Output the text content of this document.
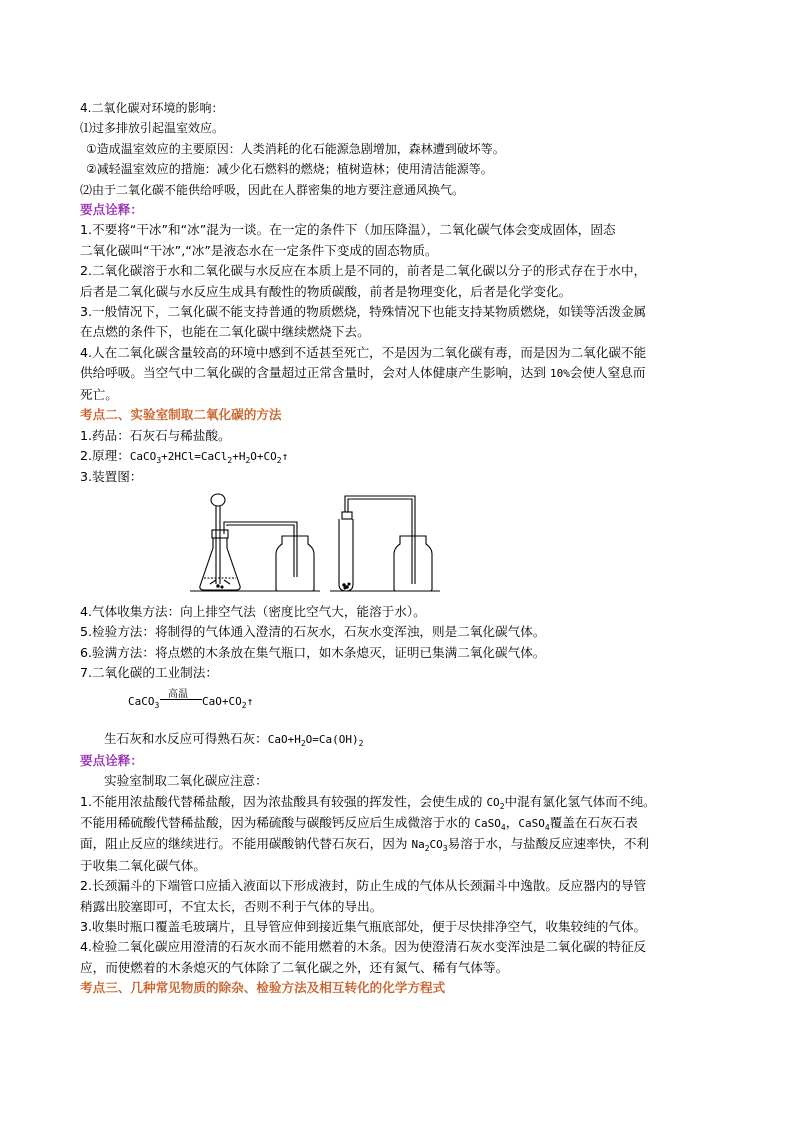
4.二氧化碳对环境的影响：

⑴过多排放引起温室效应。

①造成温室效应的主要原因：人类消耗的化石能源急剧增加，森林遭到破坏等。

②减轻温室效应的措施：减少化石燃料的燃烧；植树造林；使用清洁能源等。

⑵由于二氧化碳不能供给呼吸，因此在人群密集的地方要注意通风换气。

要点诠释：

1.不要将“干冰”和“冰”混为一谈。在一定的条件下（加压降温），二氧化碳气体会变成固体，固态

二氧化碳叫“干冰”,“冰”是液态水在一定条件下变成的固态物质。

2.二氧化碳溶于水和二氧化碳与水反应在本质上是不同的，前者是二氧化碳以分子的形式存在于水中，

后者是二氧化碳与水反应生成具有酸性的物质碳酸，前者是物理变化，后者是化学变化。

3.一般情况下，二氧化碳不能支持普通的物质燃烧，特殊情况下也能支持某物质燃烧，如镁等活泼金属

在点燃的条件下，也能在二氧化碳中继续燃烧下去。

4.人在二氧化碳含量较高的环境中感到不适甚至死亡，不是因为二氧化碳有毒，而是因为二氧化碳不能

供给呼吸。当空气中二氧化碳的含量超过正常含量时，会对人体健康产生影响，达到 10%会使人窒息而

死亡。

考点二、实验室制取二氧化碳的方法

1.药品：石灰石与稀盐酸。

2.原理：$CaCO_3+2HCl=CaCl_2+H_2O+CO_2↑$

3.装置图：

4.气体收集方法：向上排空气法（密度比空气大，能溶于水）。

5.检验方法：将制得的气体通入澄清的石灰水，石灰水变浑浊，则是二氧化碳气体。

6.验满方法：将点燃的木条放在集气瓶口，如木条熄灭，证明已集满二氧化碳气体。

7.二氧化碳的工业制法：

CaCO$_3$
高温
$CaO+CO_2↑$

生石灰和水反应可得熟石灰：$CaO+H_2O=Ca(OH)_2$

要点诠释：

实验室制取二氧化碳应注意：

1.不能用浓盐酸代替稀盐酸，因为浓盐酸具有较强的挥发性，会使生成的 $CO_2$中混有氯化氢气体而不纯。

不能用稀硫酸代替稀盐酸，因为稀硫酸与碳酸钙反应后生成微溶于水的 CaSO$_4$，CaSO$_4$覆盖在石灰石表

面，阻止反应的继续进行。不能用碳酸钠代替石灰石，因为 $Na_2CO_3$易溶于水，与盐酸反应速率快，不利

于收集二氧化碳气体。

2.长颈漏斗的下端管口应插入液面以下形成液封，防止生成的气体从长颈漏斗中逸散。反应器内的导管

稍露出胶塞即可，不宜太长，否则不利于气体的导出。

3.收集时瓶口覆盖毛玻璃片，且导管应伸到接近集气瓶底部处，便于尽快排净空气，收集较纯的气体。

4.检验二氧化碳应用澄清的石灰水而不能用燃着的木条。因为使澄清石灰水变浑浊是二氧化碳的特征反

应，而使燃着的木条熄灭的气体除了二氧化碳之外，还有氮气、稀有气体等。

考点三、几种常见物质的除杂、检验方法及相互转化的化学方程式
